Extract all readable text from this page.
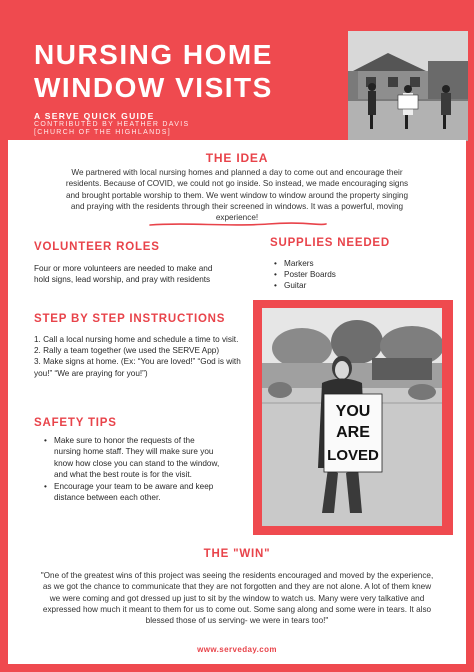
NURSING HOME
WINDOW VISITS
A SERVE QUICK GUIDE
CONTRIBUTED BY HEATHER DAVIS
[CHURCH OF THE HIGHLANDS]
THE IDEA
We partnered with local nursing homes and planned a day to come out and encourage their residents. Because of COVID, we could not go inside. So instead, we made encouraging signs and brought portable worship to them. We went window to window around the property singing and praying with the residents through their screened in windows. It was a powerful, moving experience!
VOLUNTEER ROLES
Four or more volunteers are needed to make and hold signs, lead worship, and pray with residents
SUPPLIES NEEDED
• Markers
• Poster Boards
• Guitar
STEP BY STEP INSTRUCTIONS
1. Call a local nursing home and schedule a time to visit.
2. Rally a team together (we used the SERVE App)
3. Make signs at home. (Ex: “You are loved!” “God is with you!” “We are praying for you!”)
SAFETY TIPS
• Make sure to honor the requests of the nursing home staff. They will make sure you know how close you can stand to the window, and what the best route is for the visit.
• Encourage your team to be aware and keep distance between each other.
YOU
ARE
LOVED
THE "WIN"
"One of the greatest wins of this project was seeing the residents encouraged and moved by the experience, as we got the chance to communicate that they are not forgotten and they are not alone. A lot of them knew we were coming and got dressed up just to sit by the window to watch us. Many were very talkative and expressed how much it meant to them for us to come out. Some sang along and some were in tears. It also blessed those of us serving- we were in tears too!"
www.serveday.com
